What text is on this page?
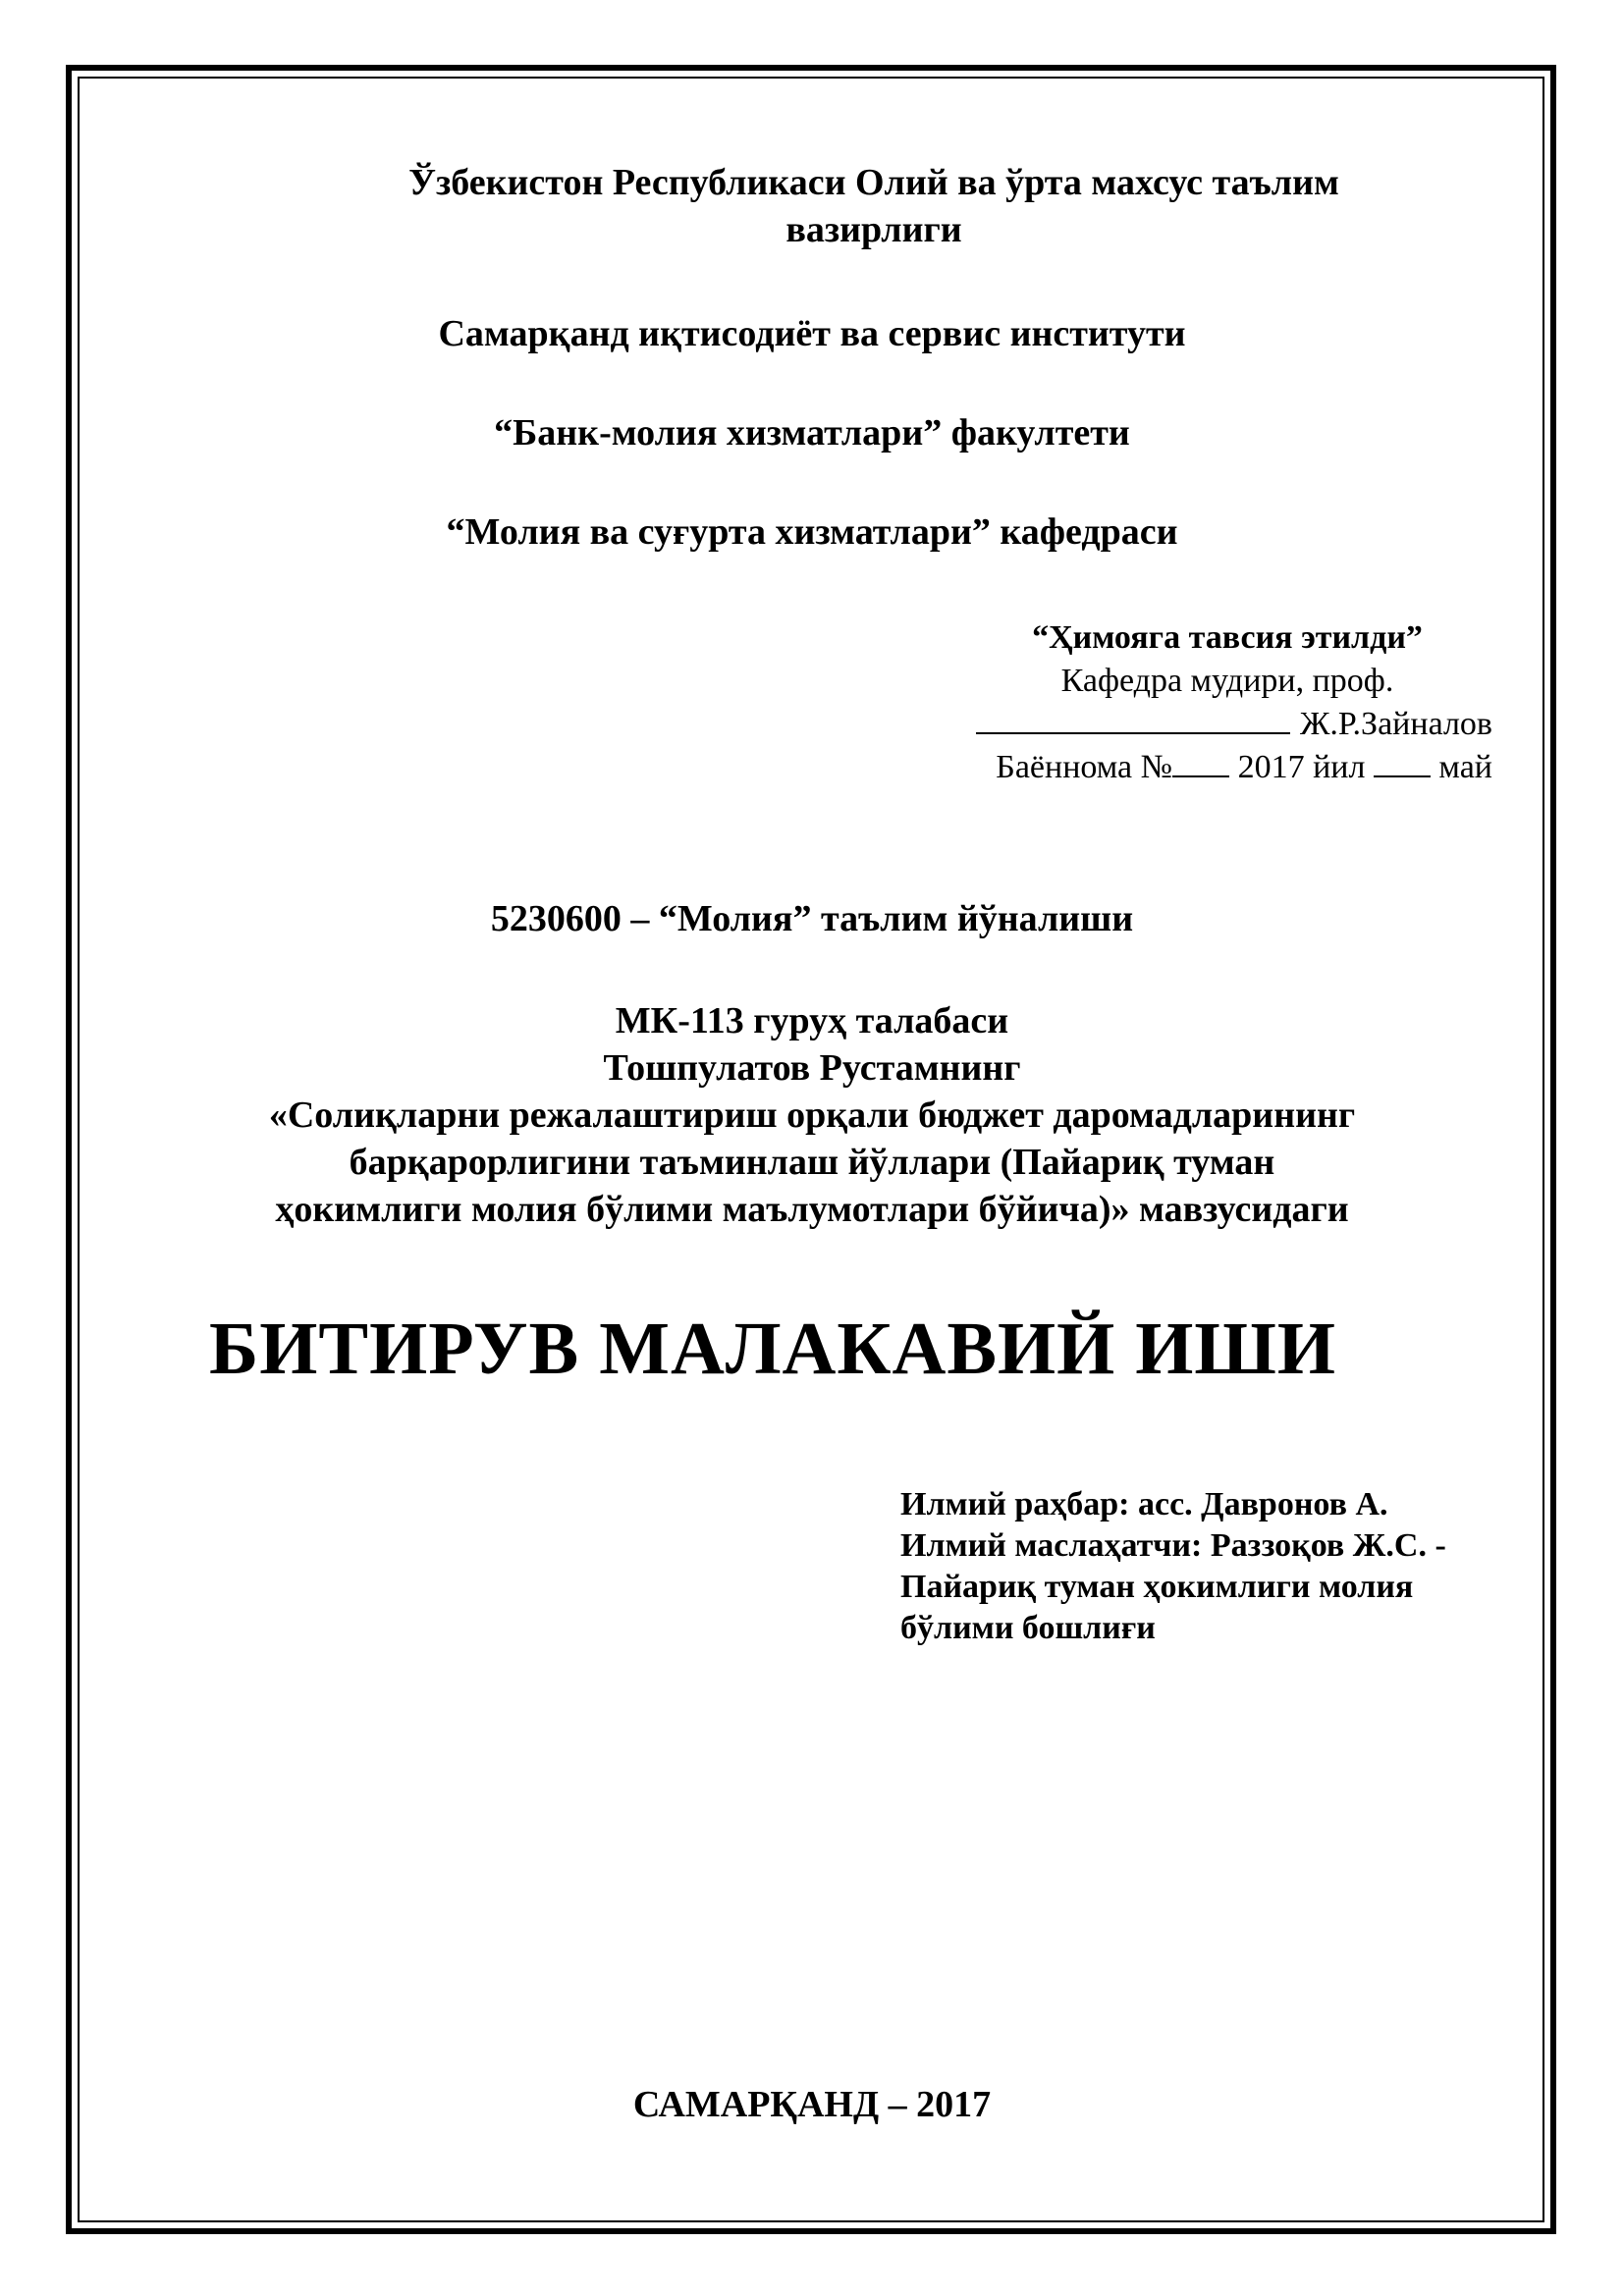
Ўзбекистон Республикаси Олий ва ўрта махсус таълим
вазирлиги
Самарқанд иқтисодиёт ва сервис институти
“Банк-молия хизматлари” факултети
“Молия ва суғурта хизматлари” кафедраси
“Ҳимояга тавсия этилди”
Кафедра мудири, проф.
Ж.Р.Зайналов
Баённома № 2017 йил май
5230600 – “Молия” таълим йўналиши
МК-113 гуруҳ талабаси
Тошпулатов Рустамнинг
«Солиқларни режалаштириш орқали бюджет даромадларининг
барқарорлигини таъминлаш йўллари (Пайариқ туман
ҳокимлиги молия бўлими маълумотлари бўйича)» мавзусидаги
БИТИРУВ МАЛАКАВИЙ ИШИ
Илмий раҳбар: асс. Давронов А.
Илмий маслаҳатчи: Раззоқов Ж.С. -
Пайариқ туман ҳокимлиги молия
бўлими бошлиғи
САМАРҚАНД – 2017
